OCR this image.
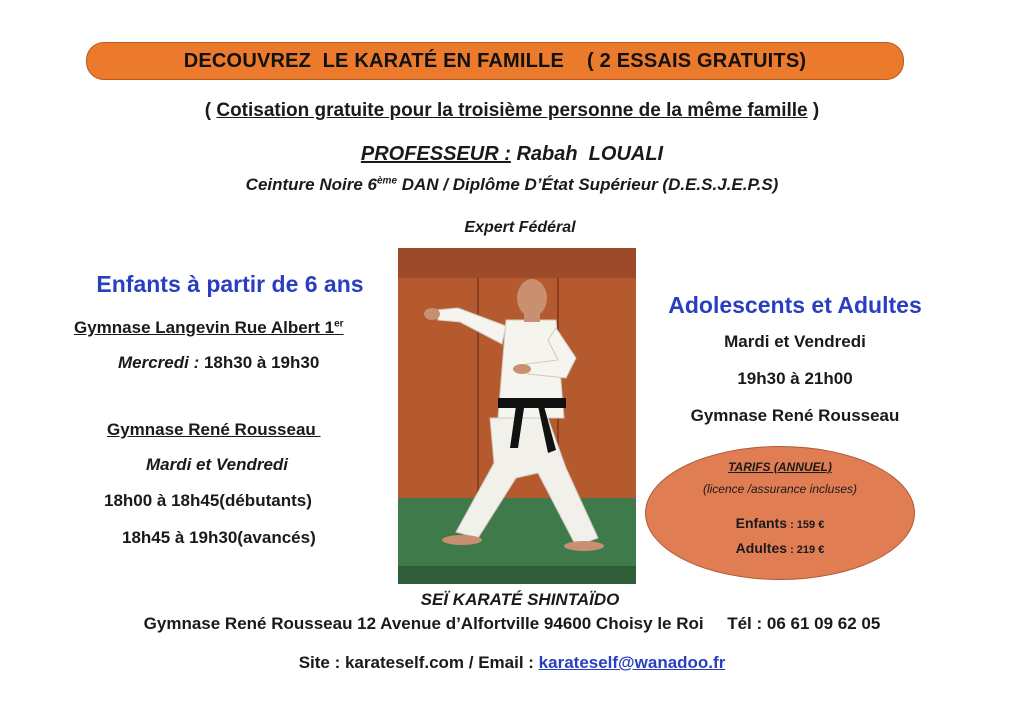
DECOUVREZ  LE KARATÉ EN FAMILLE    ( 2 ESSAIS GRATUITS)
( Cotisation gratuite pour la troisième personne de la même famille )
PROFESSEUR : Rabah  LOUALI
Ceinture Noire 6ème DAN / Diplôme D’État Supérieur (D.E.S.J.E.P.S)
Expert Fédéral
Enfants à partir de 6 ans
Gymnase Langevin Rue Albert 1er
Mercredi : 18h30 à 19h30
Gymnase René Rousseau
Mardi et Vendredi
18h00 à 18h45(débutants)
18h45 à 19h30(avancés)
Adolescents et Adultes
Mardi et Vendredi
19h30 à 21h00
Gymnase René Rousseau
TARIFS (ANNUEL)
(licence /assurance incluses)
Enfants : 159 €
Adultes : 219 €
SEÏ KARATÉ SHINTAÏDO
Gymnase René Rousseau 12 Avenue d’Alfortville 94600 Choisy le Roi     Tél : 06 61 09 62 05
Site : karateself.com / Email : karateself@wanadoo.fr
